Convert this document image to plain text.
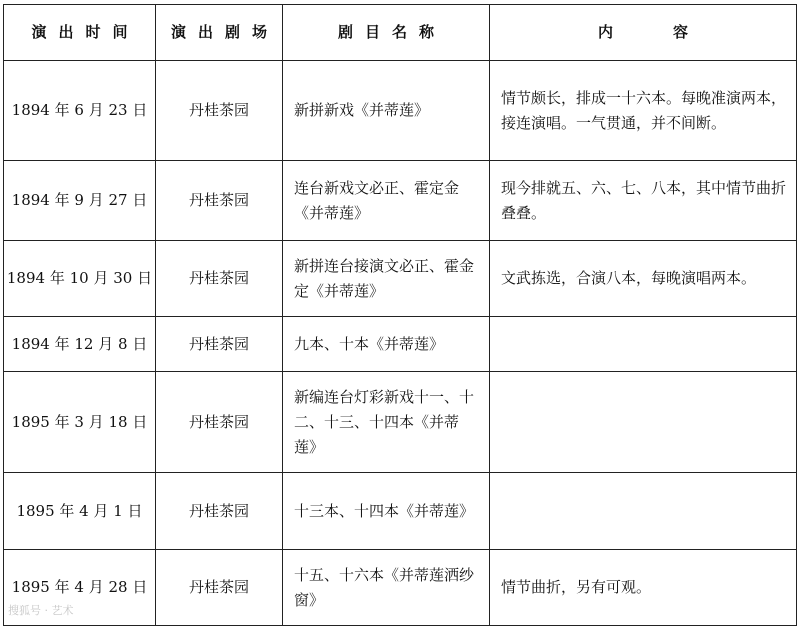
演出时间	演出剧场	剧目名称	内容
1894 年 6 月 23 日	丹桂茶园	新拼新戏《并蒂莲》	情节颇长，排成一十六本。每晚准演两本，接连演唱。一气贯通，并不间断。
1894 年 9 月 27 日	丹桂茶园	连台新戏文必正、霍定金《并蒂莲》	现今排就五、六、七、八本，其中情节曲折叠叠。
1894 年 10 月 30 日	丹桂茶园	新拼连台接演文必正、霍金定《并蒂莲》	文武拣选，合演八本，每晚演唱两本。
1894 年 12 月 8 日	丹桂茶园	九本、十本《并蒂莲》	
1895 年 3 月 18 日	丹桂茶园	新编连台灯彩新戏十一、十二、十三、十四本《并蒂莲》	
1895 年 4 月 1 日	丹桂茶园	十三本、十四本《并蒂莲》	
1895 年 4 月 28 日	丹桂茶园	十五、十六本《并蒂莲洒纱窗》	情节曲折，另有可观。
搜狐号 · 艺术
